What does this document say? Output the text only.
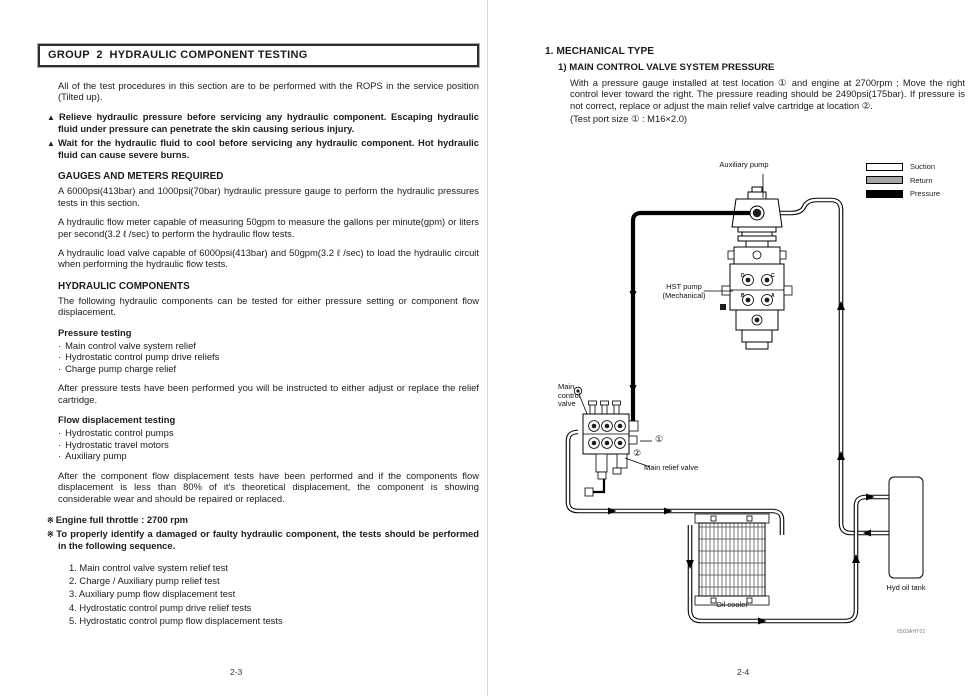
GROUP  2  HYDRAULIC COMPONENT TESTING

All of the test procedures in this section are to be performed with the ROPS in the service position (Tilted up).

▲ Relieve hydraulic pressure before servicing any hydraulic component. Escaping hydraulic fluid under pressure can penetrate the skin causing serious injury.

▲ Wait for the hydraulic fluid to cool before servicing any hydraulic component. Hot hydraulic fluid can cause severe burns.

GAUGES AND METERS REQUIRED

A 6000psi(413bar) and 1000psi(70bar) hydraulic pressure gauge to perform the hydraulic pressures tests in this section.

A hydraulic flow meter capable of measuring 50gpm to measure the gallons per minute(gpm) or liters per second(3.2 ℓ /sec) to perform the hydraulic flow tests.

A hydraulic load valve capable of 6000psi(413bar) and 50gpm(3.2 ℓ /sec) to load the hydraulic circuit when performing the hydraulic flow tests.

HYDRAULIC COMPONENTS

The following hydraulic components can be tested for either pressure setting or component flow displacement.

Pressure testing
· Main control valve system relief
· Hydrostatic control pump drive reliefs
· Charge pump charge relief

After pressure tests have been performed you will be instructed to either adjust or replace the relief cartridge.

Flow displacement testing
· Hydrostatic control pumps
· Hydrostatic travel motors
· Auxiliary pump

After the component flow displacement tests have been performed and if the components flow displacement is less than 80% of it's theoretical displacement, the component is showing considerable wear and should be repaired or replaced.

※ Engine full throttle : 2700 rpm

※ To properly identify a damaged or faulty hydraulic component, the tests should be performed in the following sequence.

1. Main control valve system relief test
2. Charge / Auxiliary pump relief test
3. Auxiliary pump flow displacement test
4. Hydrostatic control pump drive relief tests
5. Hydrostatic control pump flow displacement tests
2-3
1. MECHANICAL TYPE
1) MAIN CONTROL VALVE SYSTEM PRESSURE

With a pressure gauge installed at test location ① and engine at 2700rpm ; Move the right control lever toward the right. The pressure reading should be 2490psi(175bar). If pressure is not correct, replace or adjust the main relief valve cartridge at location ②.

(Test port size ① : M16×2.0)

2-4
Suction
Return
Pressure
Auxiliary pump
HST pump
(Mechanical)
Main control valve
①
②
Main relief valve
Oil cooler
Hyd oil tank
D	C
B	A
6503AHT01
